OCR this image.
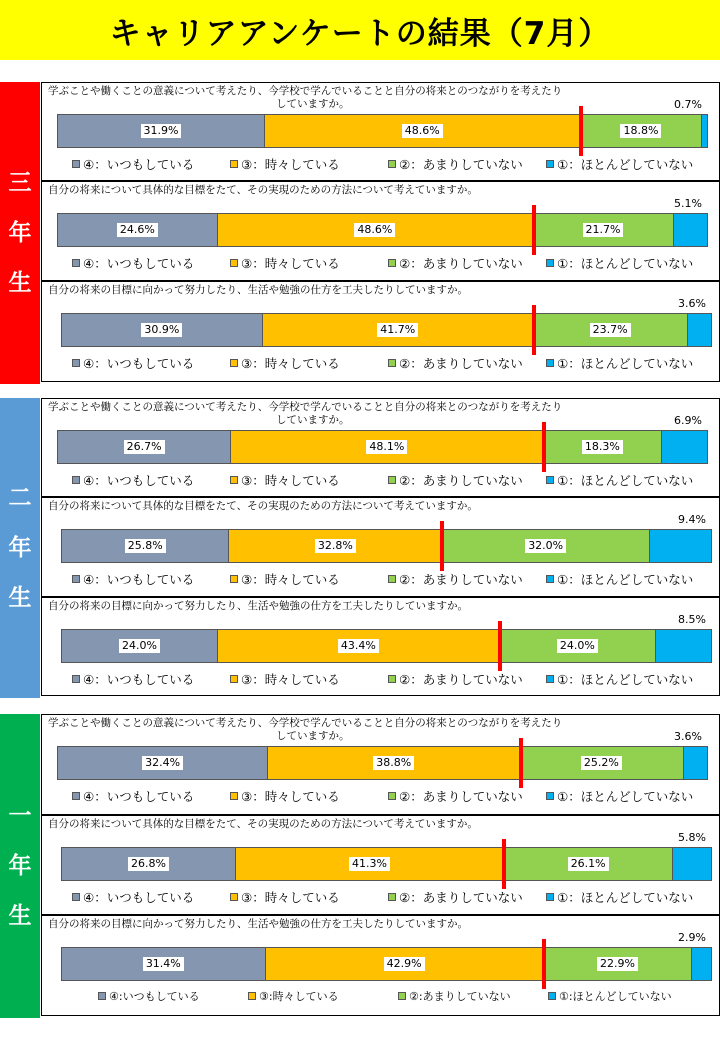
キャリアアンケートの結果（7月）
三
年
生
学ぶことや働くことの意義について考えたり、今学校で学んでいることと自分の将来とのつながりを考えたり
していますか。
31.9%	48.6%	18.8%
0.7%
④：いつもしている	③：時々している	②：あまりしていない	①：ほとんどしていない
自分の将来について具体的な目標をたて、その実現のための方法について考えていますか。
24.6%	48.6%	21.7%
5.1%
④：いつもしている	③：時々している	②：あまりしていない	①：ほとんどしていない
自分の将来の目標に向かって努力したり、生活や勉強の仕方を工夫したりしていますか。
30.9%	41.7%	23.7%
3.6%
④：いつもしている	③：時々している	②：あまりしていない	①：ほとんどしていない
二
年
生
学ぶことや働くことの意義について考えたり、今学校で学んでいることと自分の将来とのつながりを考えたり
していますか。
26.7%	48.1%	18.3%
6.9%
④：いつもしている	③：時々している	②：あまりしていない	①：ほとんどしていない
自分の将来について具体的な目標をたて、その実現のための方法について考えていますか。
25.8%	32.8%	32.0%
9.4%
④：いつもしている	③：時々している	②：あまりしていない	①：ほとんどしていない
自分の将来の目標に向かって努力したり、生活や勉強の仕方を工夫したりしていますか。
24.0%	43.4%	24.0%
8.5%
④：いつもしている	③：時々している	②：あまりしていない	①：ほとんどしていない
一
年
生
学ぶことや働くことの意義について考えたり、今学校で学んでいることと自分の将来とのつながりを考えたり
していますか。
32.4%	38.8%	25.2%
3.6%
④：いつもしている	③：時々している	②：あまりしていない	①：ほとんどしていない
自分の将来について具体的な目標をたて、その実現のための方法について考えていますか。
26.8%	41.3%	26.1%
5.8%
④：いつもしている	③：時々している	②：あまりしていない	①：ほとんどしていない
自分の将来の目標に向かって努力したり、生活や勉強の仕方を工夫したりしていますか。
31.4%	42.9%	22.9%
2.9%
④:いつもしている	③:時々している	②:あまりしていない	①:ほとんどしていない
